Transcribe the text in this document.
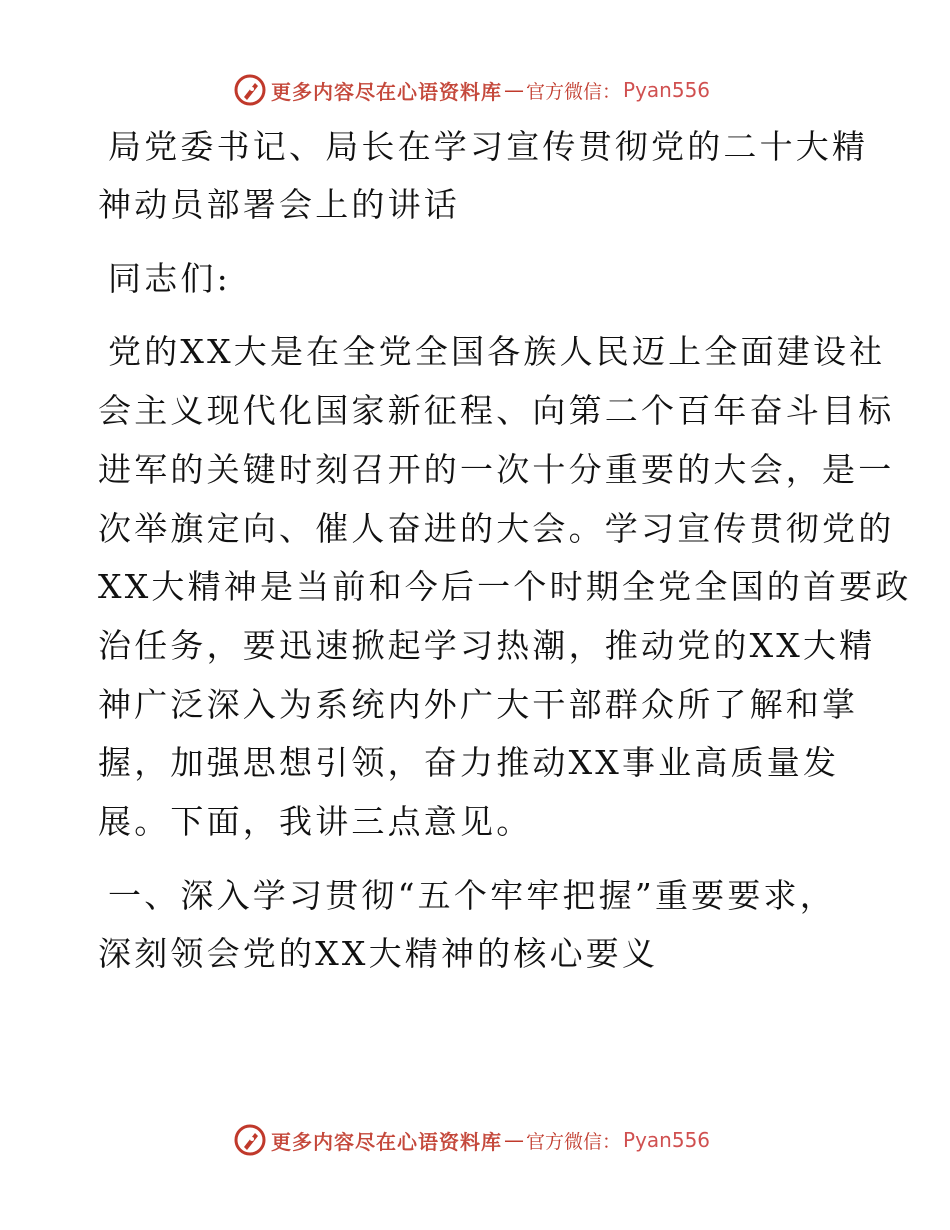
更多内容尽在心语资料库 — 官方微信： Pyan556
局党委书记、局长在学习宣传贯彻党的二十大精
神动员部署会上的讲话
同志们:
党的XX大是在全党全国各族人民迈上全面建设社
会主义现代化国家新征程、向第二个百年奋斗目标
进军的关键时刻召开的一次十分重要的大会，是一
次举旗定向、催人奋进的大会。学习宣传贯彻党的
XX大精神是当前和今后一个时期全党全国的首要政
治任务，要迅速掀起学习热潮，推动党的XX大精
神广泛深入为系统内外广大干部群众所了解和掌
握，加强思想引领，奋力推动XX事业高质量发
展。下面，我讲三点意见。
一、深入学习贯彻“五个牢牢把握”重要要求，
深刻领会党的XX大精神的核心要义
更多内容尽在心语资料库 — 官方微信： Pyan556
